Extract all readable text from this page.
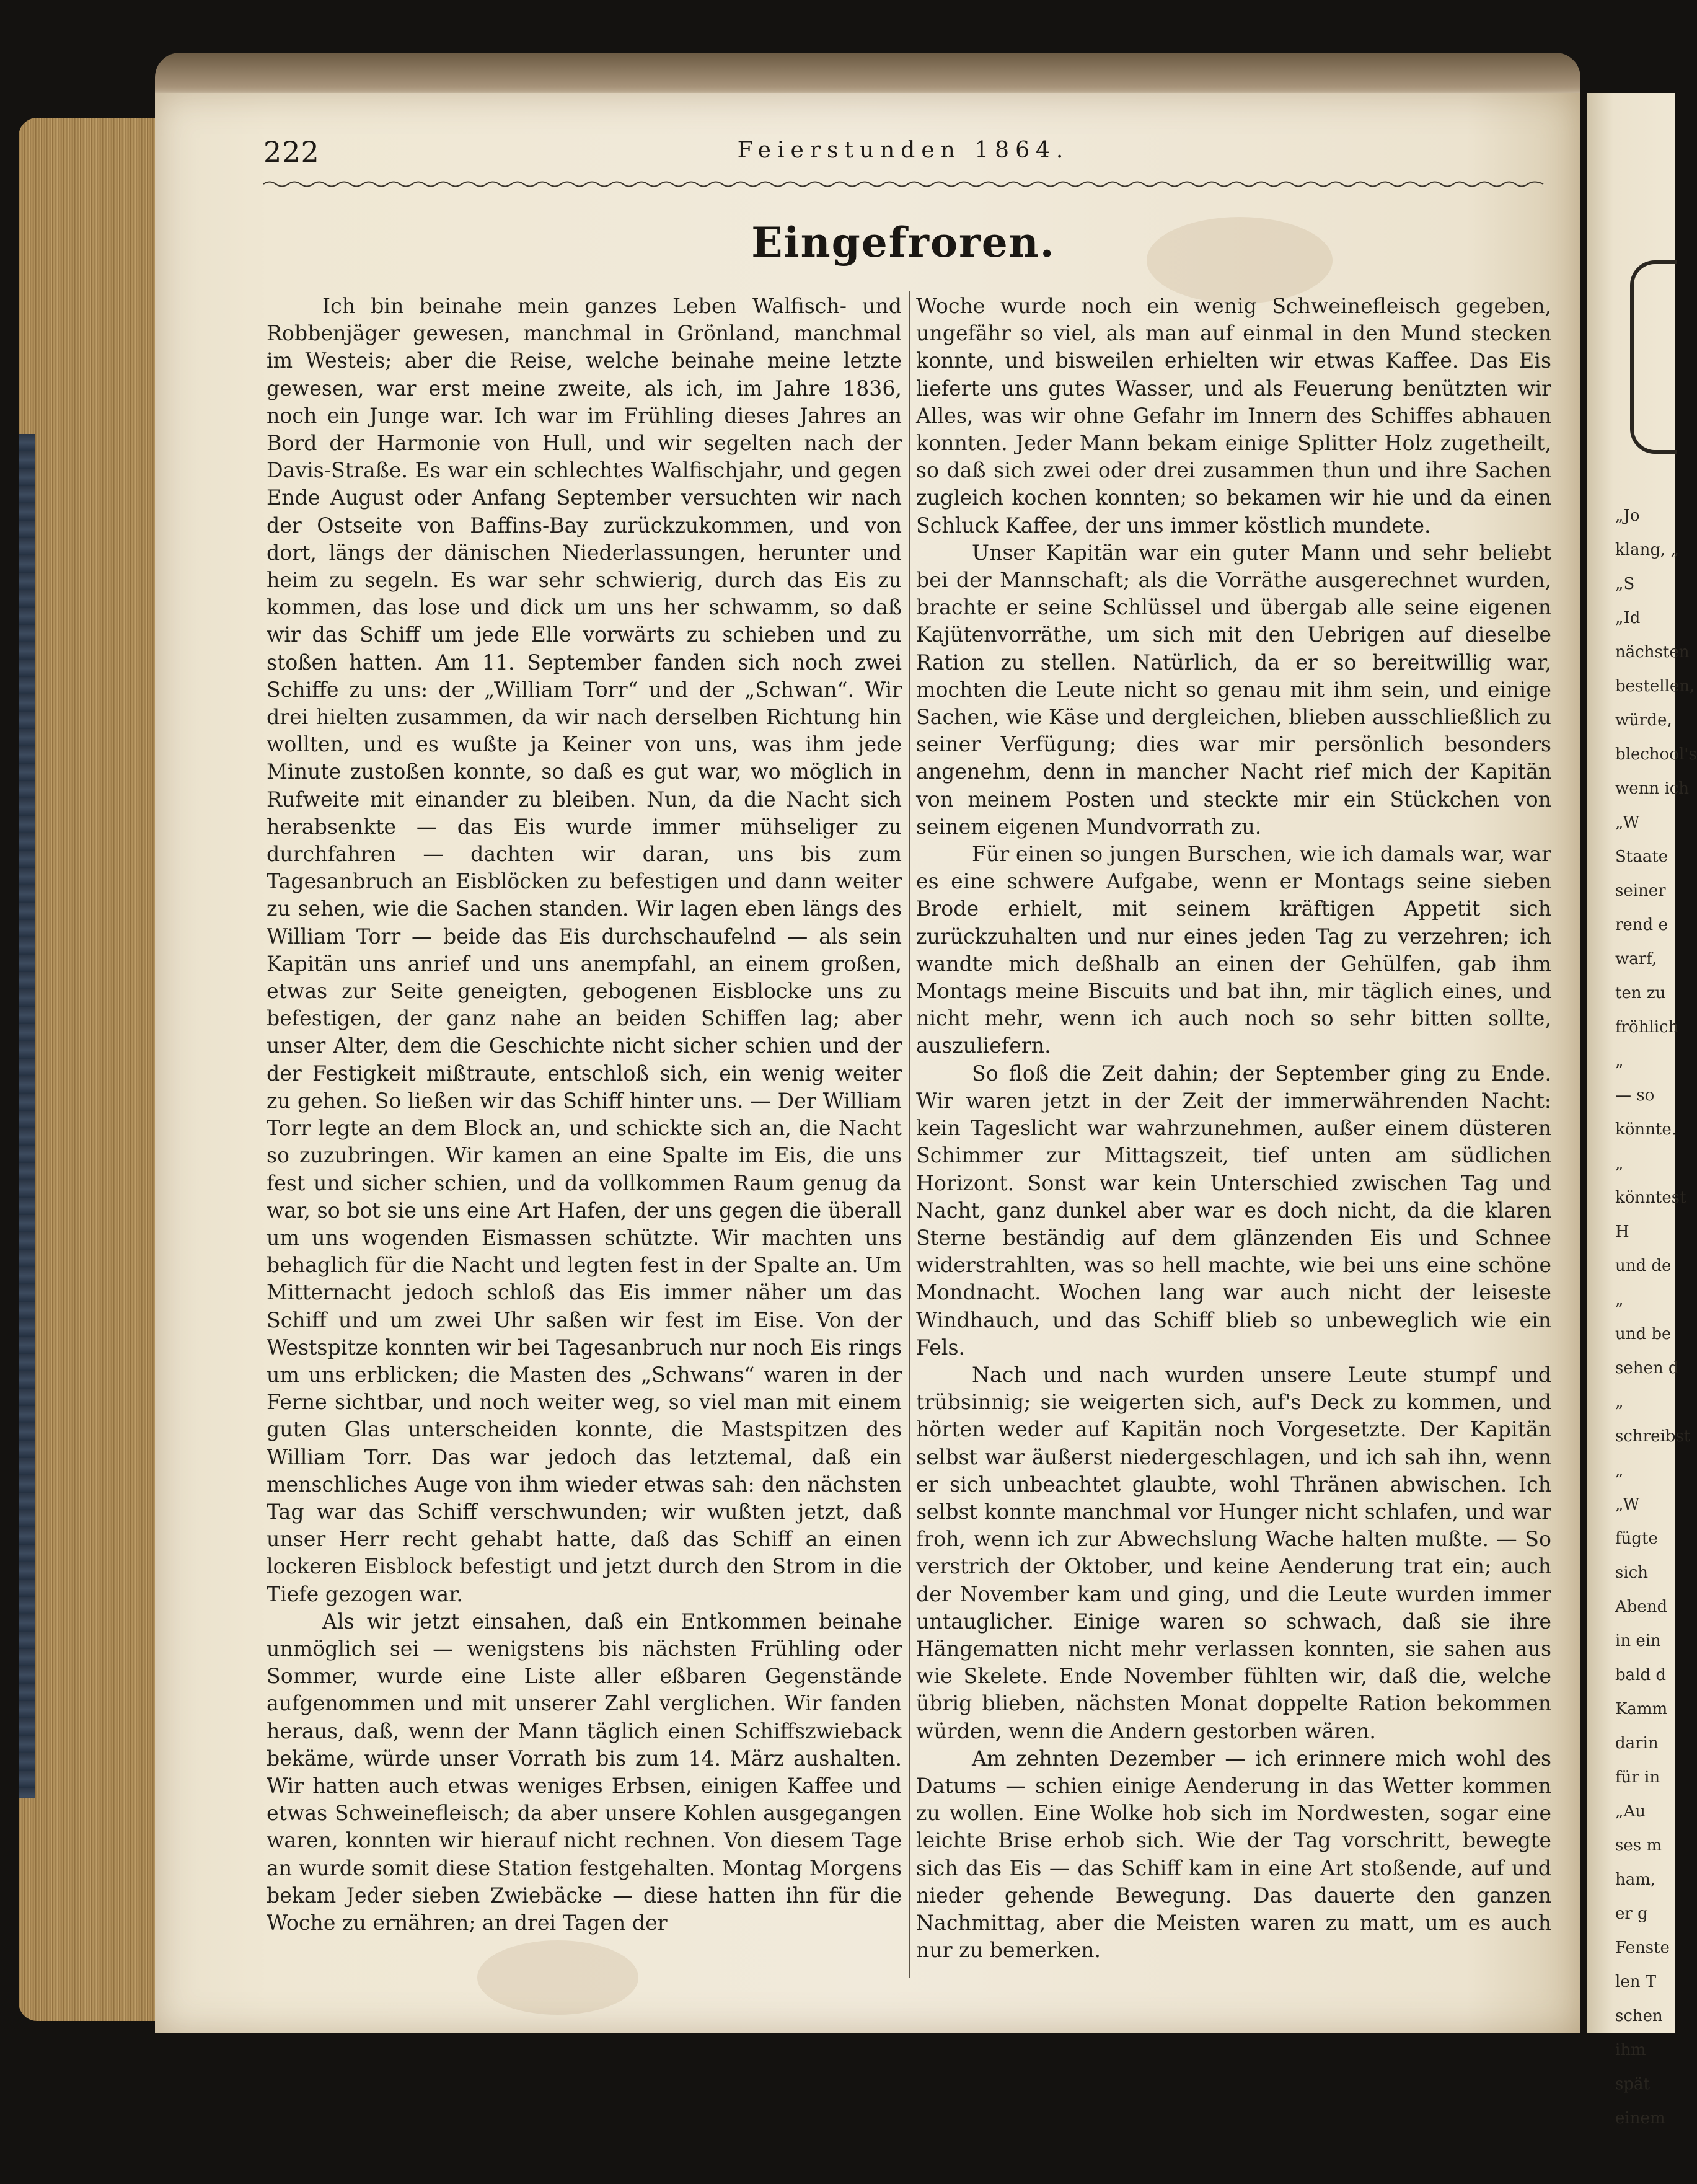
„Jo
klang, „
„S
„Id
nächsten
bestellen,
würde,
blechool's
wenn ich
„W
Staate
seiner
rend e
warf,
ten zu
fröhlich
„
— so
könnte.
„
könntest
H
und de
„
und be
sehen d
„
schreibst
„
„W
fügte
sich
Abend
in ein
bald d
Kamm
darin
für in
„Au
ses m
ham,
er g
Fenste
len T
schen
ihm
spät
einem
222	Feierstunden 1864.
Eingefroren.

Ich bin beinahe mein ganzes Leben Walfisch- und Robbenjäger gewesen, manchmal in Grönland, manchmal im Westeis; aber die Reise, welche beinahe meine letzte gewesen, war erst meine zweite, als ich, im Jahre 1836, noch ein Junge war. Ich war im Frühling dieses Jahres an Bord der Harmonie von Hull, und wir segelten nach der Davis-Straße. Es war ein schlechtes Walfischjahr, und gegen Ende August oder Anfang September versuchten wir nach der Ostseite von Baffins-Bay zurückzukommen, und von dort, längs der dänischen Niederlassungen, herunter und heim zu segeln. Es war sehr schwierig, durch das Eis zu kommen, das lose und dick um uns her schwamm, so daß wir das Schiff um jede Elle vorwärts zu schieben und zu stoßen hatten. Am 11. September fanden sich noch zwei Schiffe zu uns: der „William Torr“ und der „Schwan“. Wir drei hielten zusammen, da wir nach derselben Richtung hin wollten, und es wußte ja Keiner von uns, was ihm jede Minute zustoßen konnte, so daß es gut war, wo möglich in Rufweite mit einander zu bleiben. Nun, da die Nacht sich herabsenkte — das Eis wurde immer mühseliger zu durchfahren — dachten wir daran, uns bis zum Tagesanbruch an Eisblöcken zu befestigen und dann weiter zu sehen, wie die Sachen standen. Wir lagen eben längs des William Torr — beide das Eis durchschaufelnd — als sein Kapitän uns anrief und uns anempfahl, an einem großen, etwas zur Seite geneigten, gebogenen Eisblocke uns zu befestigen, der ganz nahe an beiden Schiffen lag; aber unser Alter, dem die Geschichte nicht sicher schien und der der Festigkeit mißtraute, entschloß sich, ein wenig weiter zu gehen. So ließen wir das Schiff hinter uns. — Der William Torr legte an dem Block an, und schickte sich an, die Nacht so zuzubringen. Wir kamen an eine Spalte im Eis, die uns fest und sicher schien, und da vollkommen Raum genug da war, so bot sie uns eine Art Hafen, der uns gegen die überall um uns wogenden Eismassen schützte. Wir machten uns behaglich für die Nacht und legten fest in der Spalte an. Um Mitternacht jedoch schloß das Eis immer näher um das Schiff und um zwei Uhr saßen wir fest im Eise. Von der Westspitze konnten wir bei Tagesanbruch nur noch Eis rings um uns erblicken; die Masten des „Schwans“ waren in der Ferne sichtbar, und noch weiter weg, so viel man mit einem guten Glas unterscheiden konnte, die Mastspitzen des William Torr. Das war jedoch das letztemal, daß ein menschliches Auge von ihm wieder etwas sah: den nächsten Tag war das Schiff verschwunden; wir wußten jetzt, daß unser Herr recht gehabt hatte, daß das Schiff an einen lockeren Eisblock befestigt und jetzt durch den Strom in die Tiefe gezogen war.

Als wir jetzt einsahen, daß ein Entkommen beinahe unmöglich sei — wenigstens bis nächsten Frühling oder Sommer, wurde eine Liste aller eßbaren Gegenstände aufgenommen und mit unserer Zahl verglichen. Wir fanden heraus, daß, wenn der Mann täglich einen Schiffszwieback bekäme, würde unser Vorrath bis zum 14. März aushalten. Wir hatten auch etwas weniges Erbsen, einigen Kaffee und etwas Schweinefleisch; da aber unsere Kohlen ausgegangen waren, konnten wir hierauf nicht rechnen. Von diesem Tage an wurde somit diese Station festgehalten. Montag Morgens bekam Jeder sieben Zwiebäcke — diese hatten ihn für die Woche zu ernähren; an drei Tagen der

Woche wurde noch ein wenig Schweinefleisch gegeben, ungefähr so viel, als man auf einmal in den Mund stecken konnte, und bisweilen erhielten wir etwas Kaffee. Das Eis lieferte uns gutes Wasser, und als Feuerung benützten wir Alles, was wir ohne Gefahr im Innern des Schiffes abhauen konnten. Jeder Mann bekam einige Splitter Holz zugetheilt, so daß sich zwei oder drei zusammen thun und ihre Sachen zugleich kochen konnten; so bekamen wir hie und da einen Schluck Kaffee, der uns immer köstlich mundete.

Unser Kapitän war ein guter Mann und sehr beliebt bei der Mannschaft; als die Vorräthe ausgerechnet wurden, brachte er seine Schlüssel und übergab alle seine eigenen Kajütenvorräthe, um sich mit den Uebrigen auf dieselbe Ration zu stellen. Natürlich, da er so bereitwillig war, mochten die Leute nicht so genau mit ihm sein, und einige Sachen, wie Käse und dergleichen, blieben ausschließlich zu seiner Verfügung; dies war mir persönlich besonders angenehm, denn in mancher Nacht rief mich der Kapitän von meinem Posten und steckte mir ein Stückchen von seinem eigenen Mundvorrath zu.

Für einen so jungen Burschen, wie ich damals war, war es eine schwere Aufgabe, wenn er Montags seine sieben Brode erhielt, mit seinem kräftigen Appetit sich zurückzuhalten und nur eines jeden Tag zu verzehren; ich wandte mich deßhalb an einen der Gehülfen, gab ihm Montags meine Biscuits und bat ihn, mir täglich eines, und nicht mehr, wenn ich auch noch so sehr bitten sollte, auszuliefern.

So floß die Zeit dahin; der September ging zu Ende. Wir waren jetzt in der Zeit der immerwährenden Nacht: kein Tageslicht war wahrzunehmen, außer einem düsteren Schimmer zur Mittagszeit, tief unten am südlichen Horizont. Sonst war kein Unterschied zwischen Tag und Nacht, ganz dunkel aber war es doch nicht, da die klaren Sterne beständig auf dem glänzenden Eis und Schnee widerstrahlten, was so hell machte, wie bei uns eine schöne Mondnacht. Wochen lang war auch nicht der leiseste Windhauch, und das Schiff blieb so unbeweglich wie ein Fels.

Nach und nach wurden unsere Leute stumpf und trübsinnig; sie weigerten sich, auf's Deck zu kommen, und hörten weder auf Kapitän noch Vorgesetzte. Der Kapitän selbst war äußerst niedergeschlagen, und ich sah ihn, wenn er sich unbeachtet glaubte, wohl Thränen abwischen. Ich selbst konnte manchmal vor Hunger nicht schlafen, und war froh, wenn ich zur Abwechslung Wache halten mußte. — So verstrich der Oktober, und keine Aenderung trat ein; auch der November kam und ging, und die Leute wurden immer untauglicher. Einige waren so schwach, daß sie ihre Hängematten nicht mehr verlassen konnten, sie sahen aus wie Skelete. Ende November fühlten wir, daß die, welche übrig blieben, nächsten Monat doppelte Ration bekommen würden, wenn die Andern gestorben wären.

Am zehnten Dezember — ich erinnere mich wohl des Datums — schien einige Aenderung in das Wetter kommen zu wollen. Eine Wolke hob sich im Nordwesten, sogar eine leichte Brise erhob sich. Wie der Tag vorschritt, bewegte sich das Eis — das Schiff kam in eine Art stoßende, auf und nieder gehende Bewegung. Das dauerte den ganzen Nachmittag, aber die Meisten waren zu matt, um es auch nur zu bemerken.
